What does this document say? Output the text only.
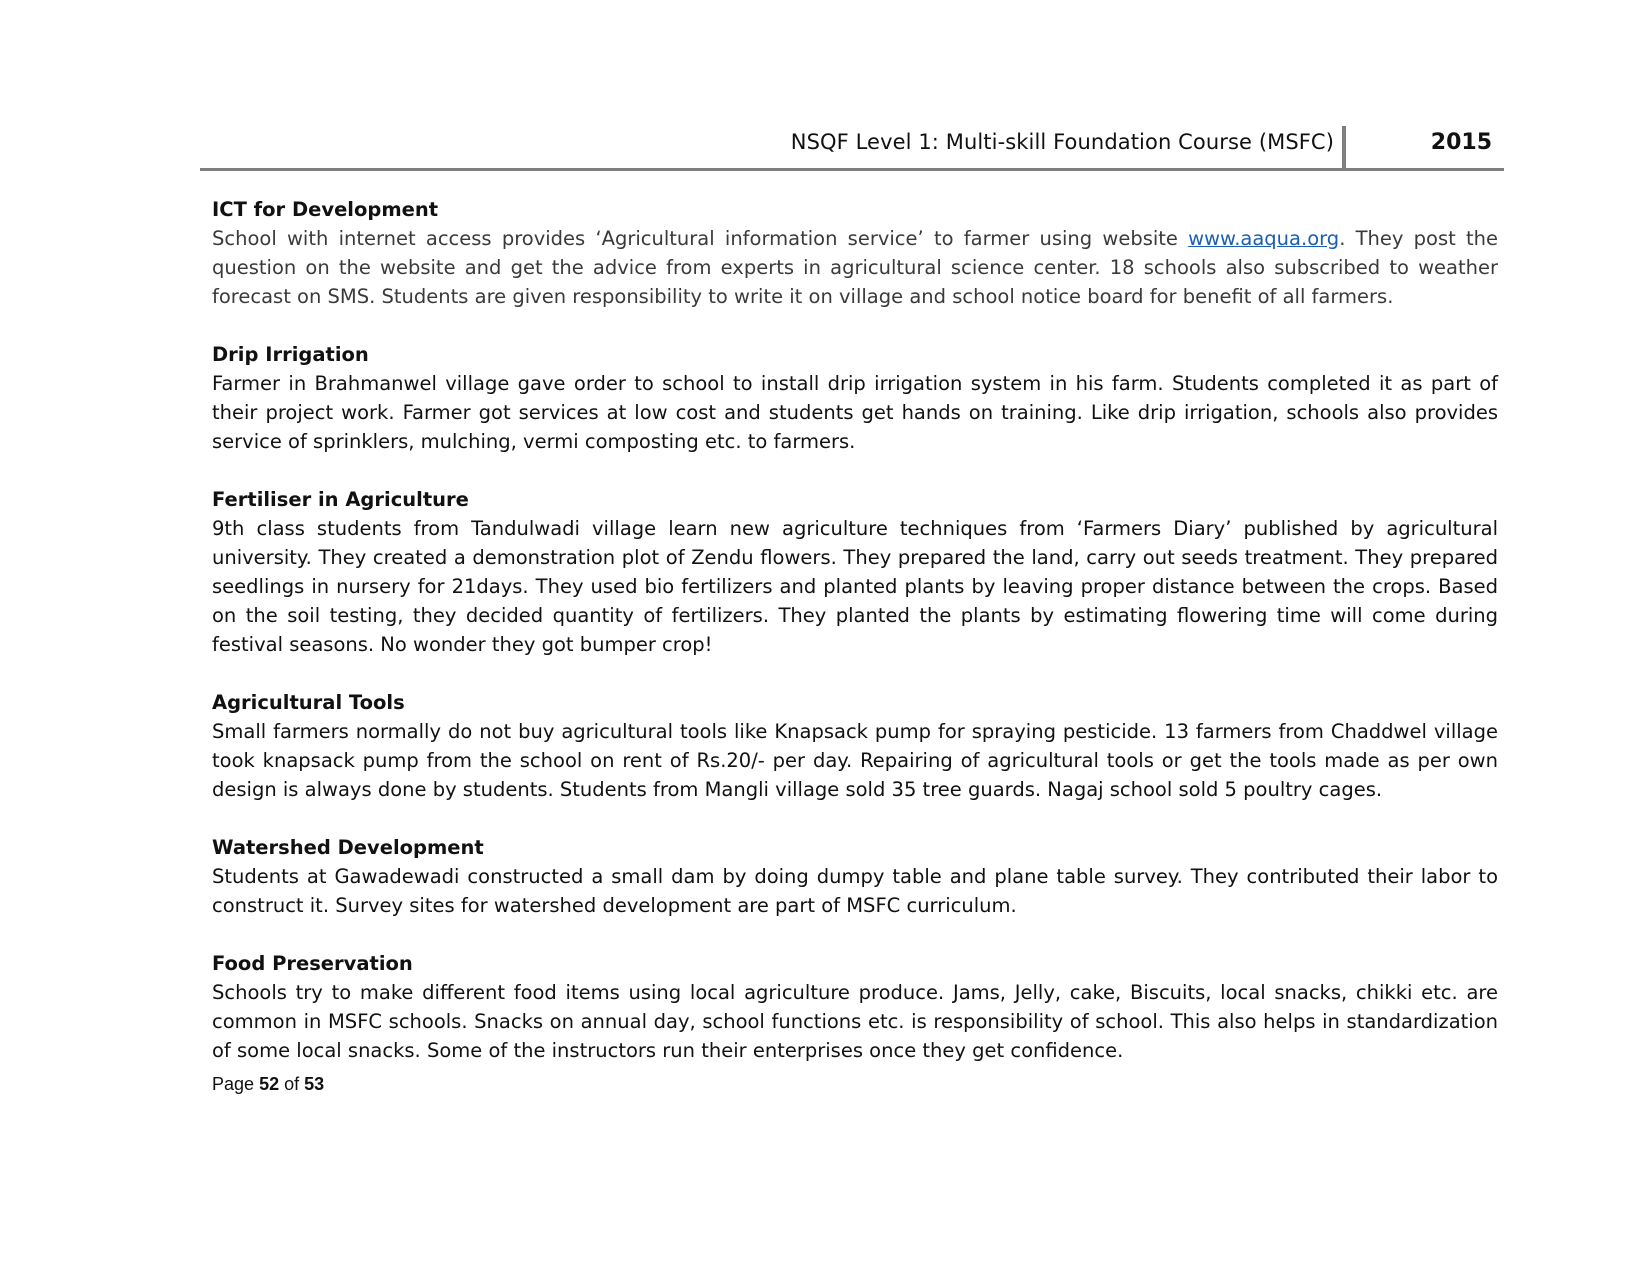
NSQF Level 1: Multi-skill Foundation Course (MSFC)	2015
ICT for Development

School with internet access provides ‘Agricultural information service’ to farmer using website www.aaqua.org. They post the question on the website and get the advice from experts in agricultural science center. 18 schools also subscribed to weather forecast on SMS. Students are given responsibility to write it on village and school notice board for benefit of all farmers.

Drip Irrigation

Farmer in Brahmanwel village gave order to school to install drip irrigation system in his farm. Students completed it as part of their project work. Farmer got services at low cost and students get hands on training. Like drip irrigation, schools also provides service of sprinklers, mulching, vermi composting etc. to farmers.

Fertiliser in Agriculture

9th class students from Tandulwadi village learn new agriculture techniques from ‘Farmers Diary’ published by agricultural university. They created a demonstration plot of Zendu flowers. They prepared the land, carry out seeds treatment. They prepared seedlings in nursery for 21days. They used bio fertilizers and planted plants by leaving proper distance between the crops. Based on the soil testing, they decided quantity of fertilizers. They planted the plants by estimating flowering time will come during festival seasons. No wonder they got bumper crop!

Agricultural Tools

Small farmers normally do not buy agricultural tools like Knapsack pump for spraying pesticide. 13 farmers from Chaddwel village took knapsack pump from the school on rent of Rs.20/- per day. Repairing of agricultural tools or get the tools made as per own design is always done by students. Students from Mangli village sold 35 tree guards. Nagaj school sold 5 poultry cages.

Watershed Development

Students at Gawadewadi constructed a small dam by doing dumpy table and plane table survey. They contributed their labor to construct it. Survey sites for watershed development are part of MSFC curriculum.

Food Preservation

Schools try to make different food items using local agriculture produce. Jams, Jelly, cake, Biscuits, local snacks, chikki etc. are common in MSFC schools. Snacks on annual day, school functions etc. is responsibility of school. This also helps in standardization of some local snacks. Some of the instructors run their enterprises once they get confidence.

Page 52 of 53
